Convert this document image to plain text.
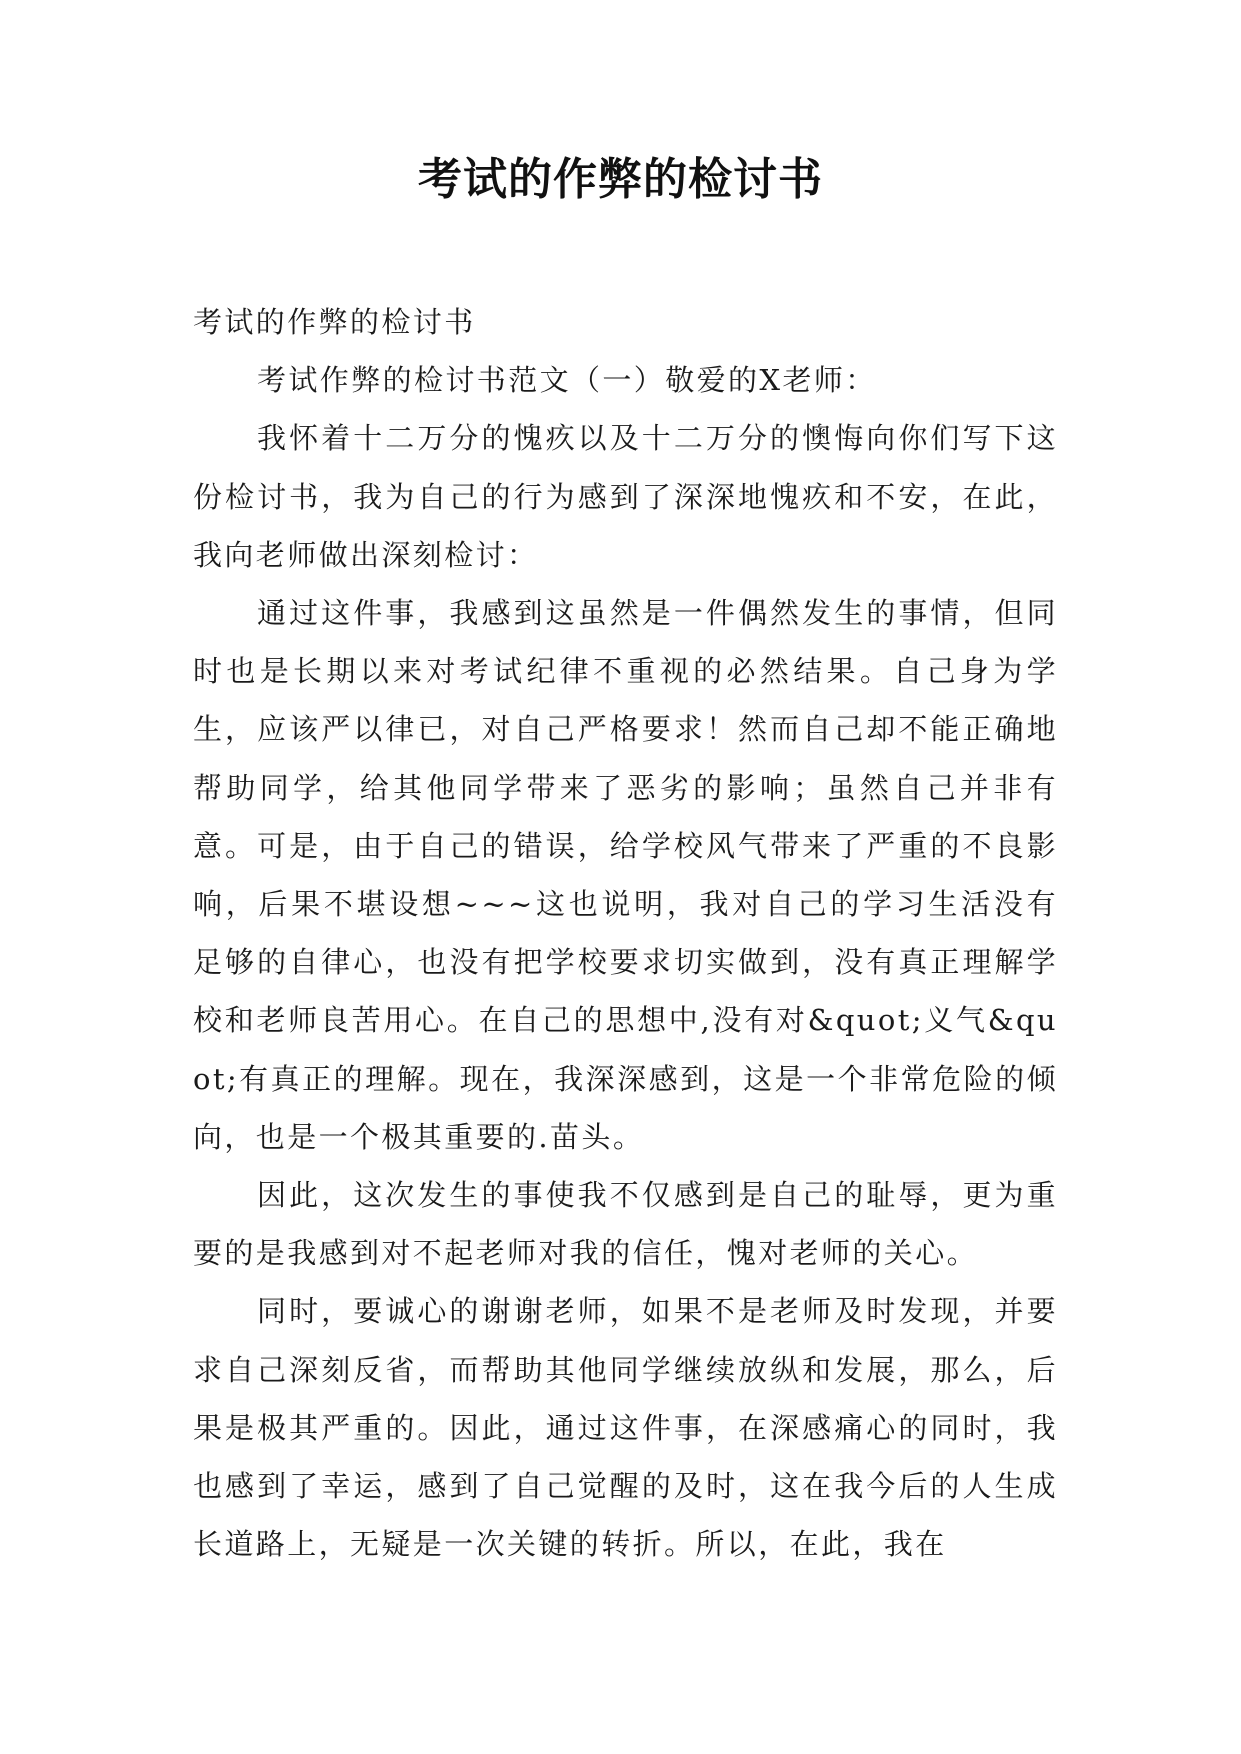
考试的作弊的检讨书

考试的作弊的检讨书

考试作弊的检讨书范文（一）敬爱的X老师：

我怀着十二万分的愧疚以及十二万分的懊悔向你们写下这份检讨书，我为自己的行为感到了深深地愧疚和不安，在此，我向老师做出深刻检讨：

通过这件事，我感到这虽然是一件偶然发生的事情，但同时也是长期以来对考试纪律不重视的必然结果。自己身为学生，应该严以律已，对自己严格要求！然而自己却不能正确地帮助同学，给其他同学带来了恶劣的影响；虽然自己并非有意。可是，由于自己的错误，给学校风气带来了严重的不良影响，后果不堪设想~~~这也说明，我对自己的学习生活没有足够的自律心，也没有把学校要求切实做到，没有真正理解学校和老师良苦用心。在自己的思想中,没有对&quot;义气&quot;有真正的理解。现在，我深深感到，这是一个非常危险的倾向，也是一个极其重要的.苗头。

因此，这次发生的事使我不仅感到是自己的耻辱，更为重要的是我感到对不起老师对我的信任，愧对老师的关心。

同时，要诚心的谢谢老师，如果不是老师及时发现，并要求自己深刻反省，而帮助其他同学继续放纵和发展，那么，后果是极其严重的。因此，通过这件事，在深感痛心的同时，我也感到了幸运，感到了自己觉醒的及时，这在我今后的人生成长道路上，无疑是一次关键的转折。所以，在此，我在
